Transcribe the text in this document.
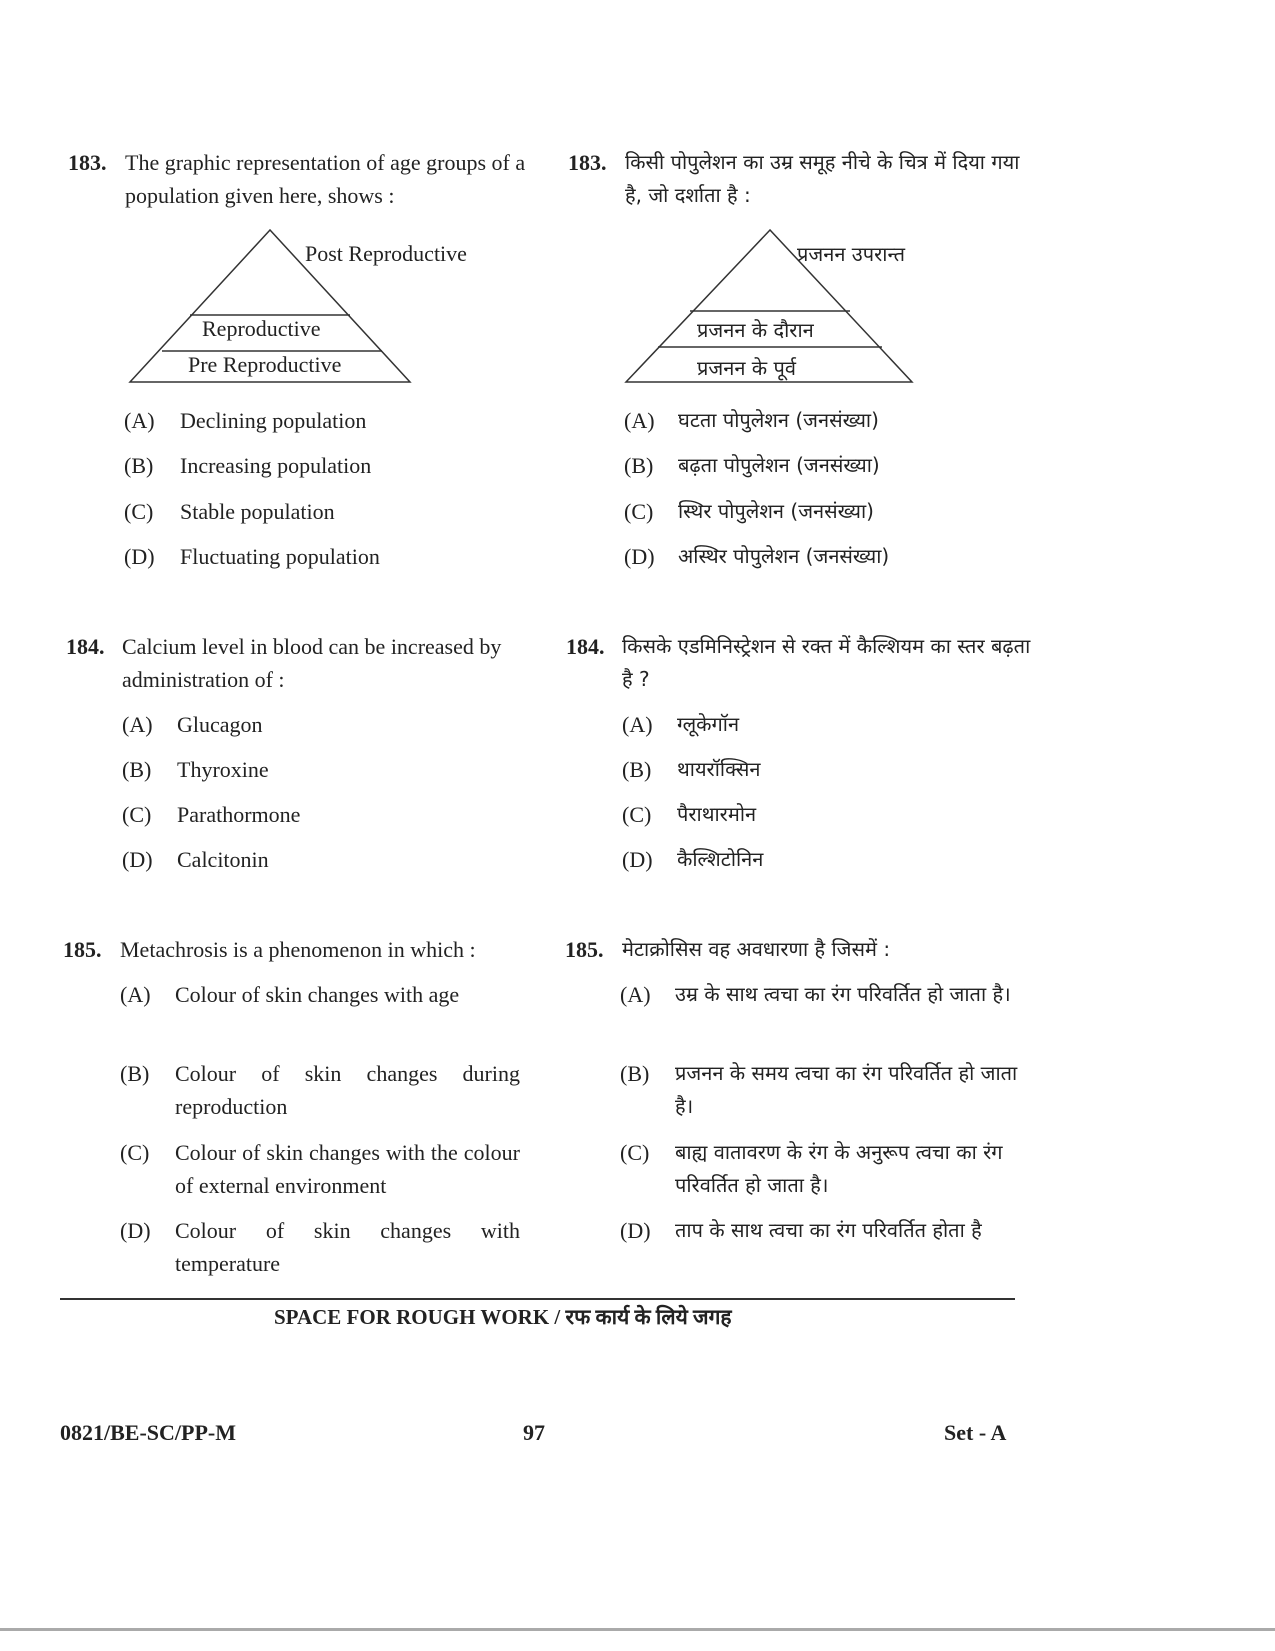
183. The graphic representation of age groups of a population given here, shows :
Post Reproductive
Reproductive
Pre Reproductive
(A) Declining population
(B) Increasing population
(C) Stable population
(D) Fluctuating population
183. किसी पोपुलेशन का उम्र समूह नीचे के चित्र में दिया गया है, जो दर्शाता है :
प्रजनन उपरान्त
प्रजनन के दौरान
प्रजनन के पूर्व
(A) घटता पोपुलेशन (जनसंख्या)
(B) बढ़ता पोपुलेशन (जनसंख्या)
(C) स्थिर पोपुलेशन (जनसंख्या)
(D) अस्थिर पोपुलेशन (जनसंख्या)
184. Calcium level in blood can be increased by administration of :
(A) Glucagon
(B) Thyroxine
(C) Parathormone
(D) Calcitonin
184. किसके एडमिनिस्ट्रेशन से रक्त में कैल्शियम का स्तर बढ़ता है ?
(A) ग्लूकेगॉन
(B) थायरॉक्सिन
(C) पैराथारमोन
(D) कैल्शिटोनिन
185. Metachrosis is a phenomenon in which :
(A) Colour of skin changes with age
(B) Colour of skin changes during reproduction
(C) Colour of skin changes with the colour of external environment
(D) Colour of skin changes with temperature
185. मेटाक्रोसिस वह अवधारणा है जिसमें :
(A) उम्र के साथ त्वचा का रंग परिवर्तित हो जाता है।
(B) प्रजनन के समय त्वचा का रंग परिवर्तित हो जाता है।
(C) बाह्य वातावरण के रंग के अनुरूप त्वचा का रंग परिवर्तित हो जाता है।
(D) ताप के साथ त्वचा का रंग परिवर्तित होता है
SPACE FOR ROUGH WORK / रफ कार्य के लिये जगह
0821/BE-SC/PP-M	97	Set - A
